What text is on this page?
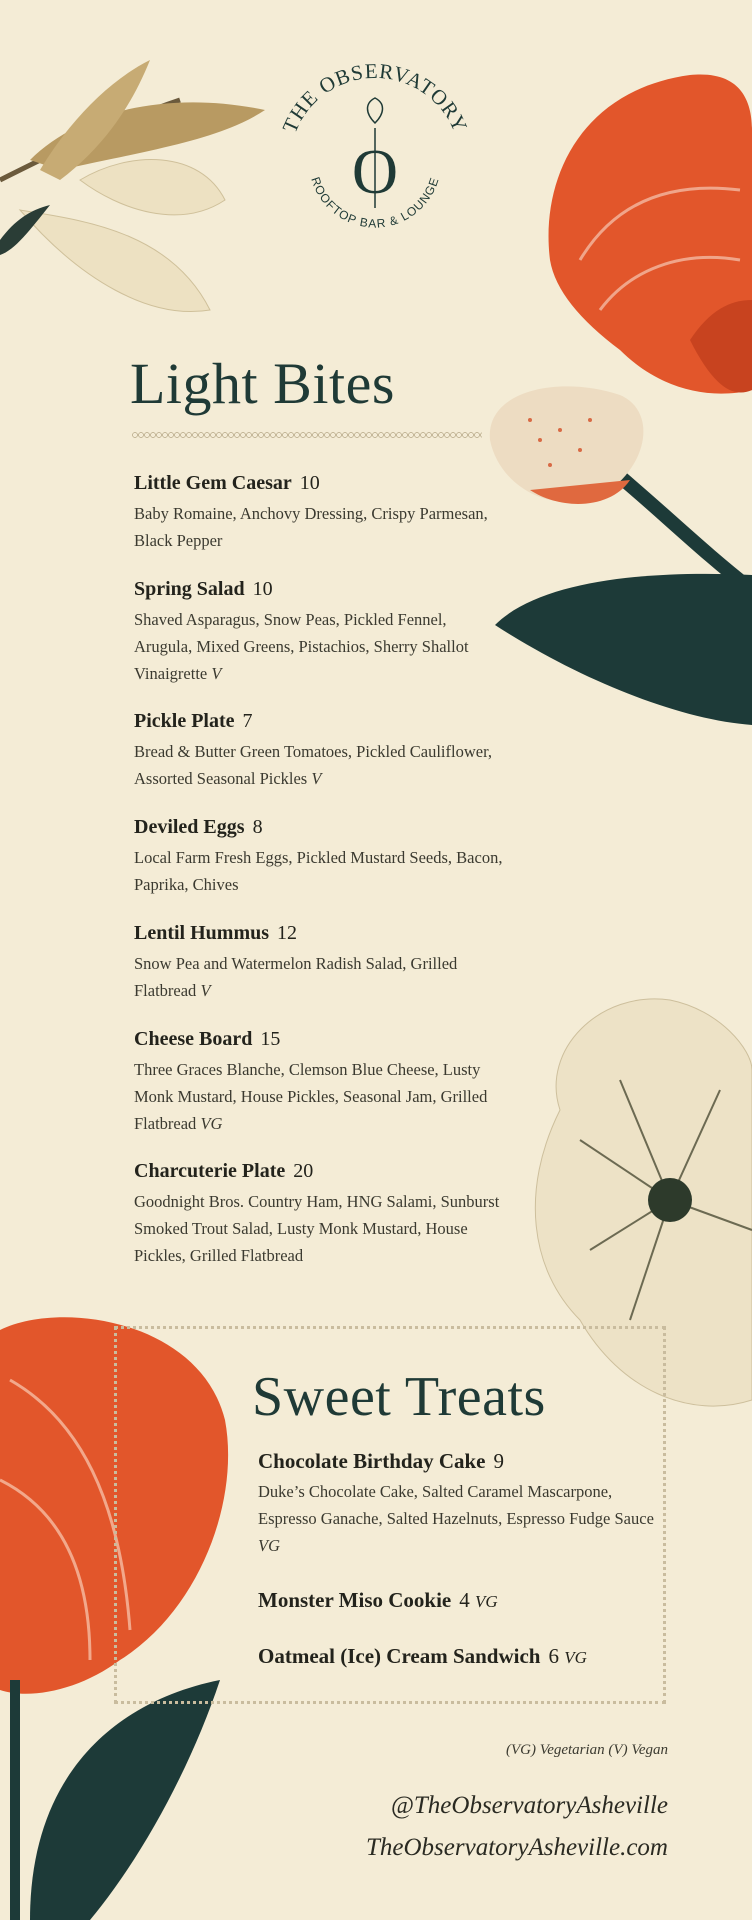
THE OBSERVATORY
ROOFTOP BAR & LOUNGE
O
Light Bites
Little Gem Caesar 10
Baby Romaine, Anchovy Dressing, Crispy Parmesan, Black Pepper
Spring Salad 10
Shaved Asparagus, Snow Peas, Pickled Fennel, Arugula, Mixed Greens, Pistachios, Sherry Shallot Vinaigrette V
Pickle Plate 7
Bread & Butter Green Tomatoes, Pickled Cauliflower, Assorted Seasonal Pickles V
Deviled Eggs 8
Local Farm Fresh Eggs, Pickled Mustard Seeds, Bacon, Paprika, Chives
Lentil Hummus 12
Snow Pea and Watermelon Radish Salad, Grilled Flatbread V
Cheese Board 15
Three Graces Blanche, Clemson Blue Cheese, Lusty Monk Mustard, House Pickles, Seasonal Jam, Grilled Flatbread VG
Charcuterie Plate 20
Goodnight Bros. Country Ham, HNG Salami, Sunburst Smoked Trout Salad, Lusty Monk Mustard, House Pickles, Grilled Flatbread
Sweet Treats
Chocolate Birthday Cake 9
Duke’s Chocolate Cake, Salted Caramel Mascarpone, Espresso Ganache, Salted Hazelnuts, Espresso Fudge Sauce VG
Monster Miso Cookie 4 VG
Oatmeal (Ice) Cream Sandwich 6 VG
(VG) Vegetarian (V) Vegan
@TheObservatoryAsheville
TheObservatoryAsheville.com
